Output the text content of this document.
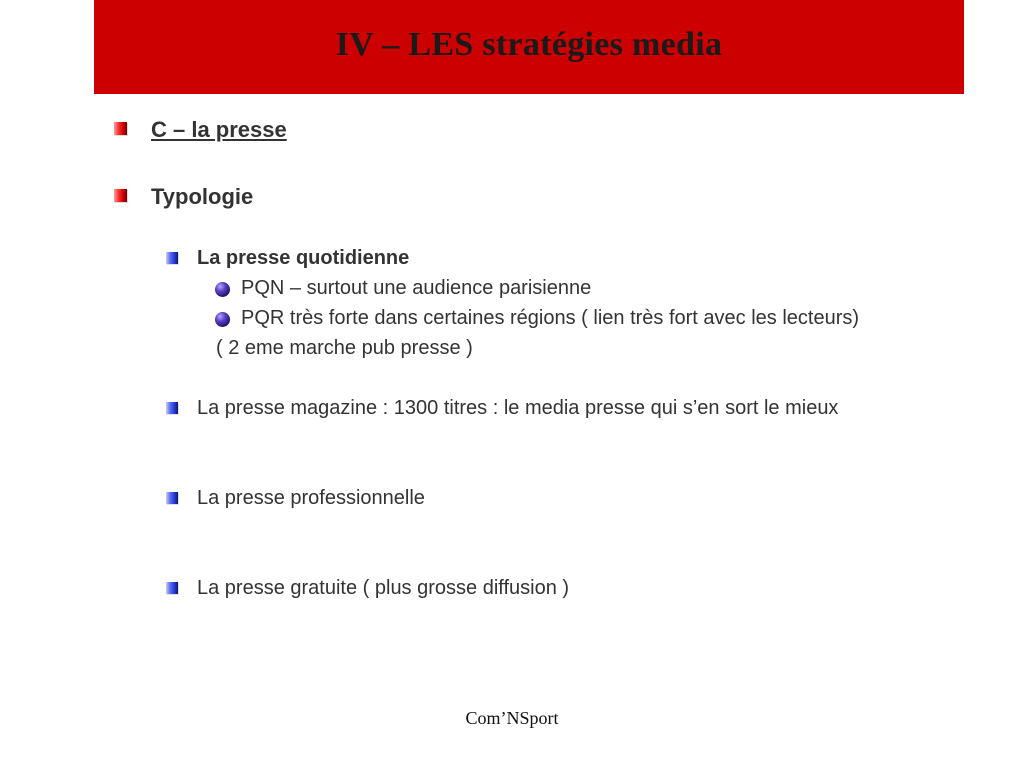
IV – LES stratégies media
C – la presse
Typologie
La presse quotidienne
PQN – surtout une audience parisienne
PQR très forte dans certaines régions ( lien très fort avec les lecteurs)
( 2 eme marche pub presse )
La presse magazine : 1300 titres : le media presse qui s’en sort le mieux
La presse professionnelle
La presse gratuite ( plus grosse diffusion )
Com’NSport
